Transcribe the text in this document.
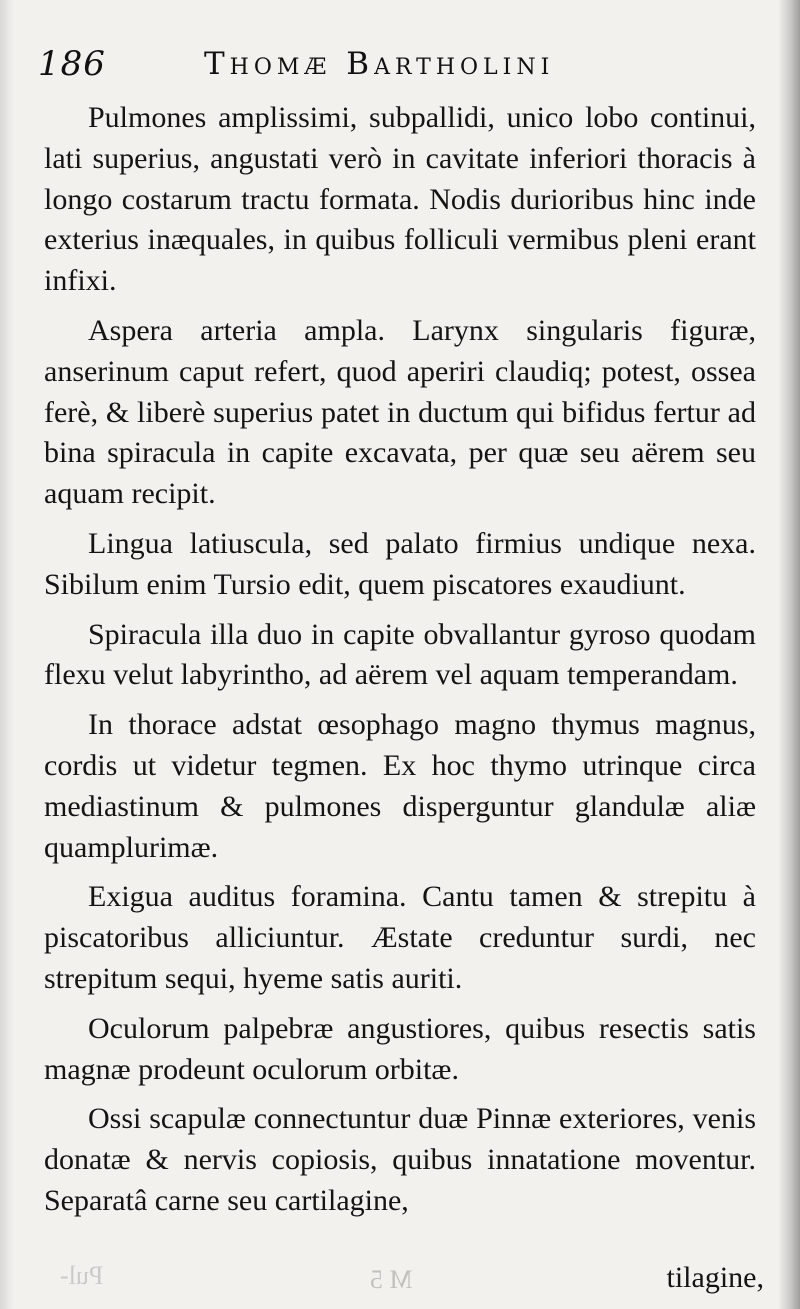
186	Thomæ Bartholini

Pulmones amplissimi, subpallidi, unico lobo continui, lati superius, angustati verò in cavitate inferiori thoracis à longo costarum tractu formata. Nodis durioribus hinc inde exterius inæquales, in quibus folliculi vermibus pleni erant infixi.

Aspera arteria ampla. Larynx singularis figuræ, anserinum caput refert, quod aperiri claudiq; potest, ossea ferè, & liberè superius patet in ductum qui bifidus fertur ad bina spiracula in capite excavata, per quæ seu aërem seu aquam recipit.

Lingua latiuscula, sed palato firmius undique nexa. Sibilum enim Tursio edit, quem piscatores exaudiunt.

Spiracula illa duo in capite obvallantur gyroso quodam flexu velut labyrintho, ad aërem vel aquam temperandam.

In thorace adstat œsophago magno thymus magnus, cordis ut videtur tegmen. Ex hoc thymo utrinque circa mediastinum & pulmones disperguntur glandulæ aliæ quamplurimæ.

Exigua auditus foramina. Cantu tamen & strepitu à piscatoribus alliciuntur. Æstate creduntur surdi, nec strepitum sequi, hyeme satis auriti.

Oculorum palpebræ angustiores, quibus resectis satis magnæ prodeunt oculorum orbitæ.

Ossi scapulæ connectuntur duæ Pinnæ exteriores, venis donatæ & nervis copiosis, quibus innatatione moventur. Separatâ carne seu cartilagine,

Pul-	M 5	tilagine,
